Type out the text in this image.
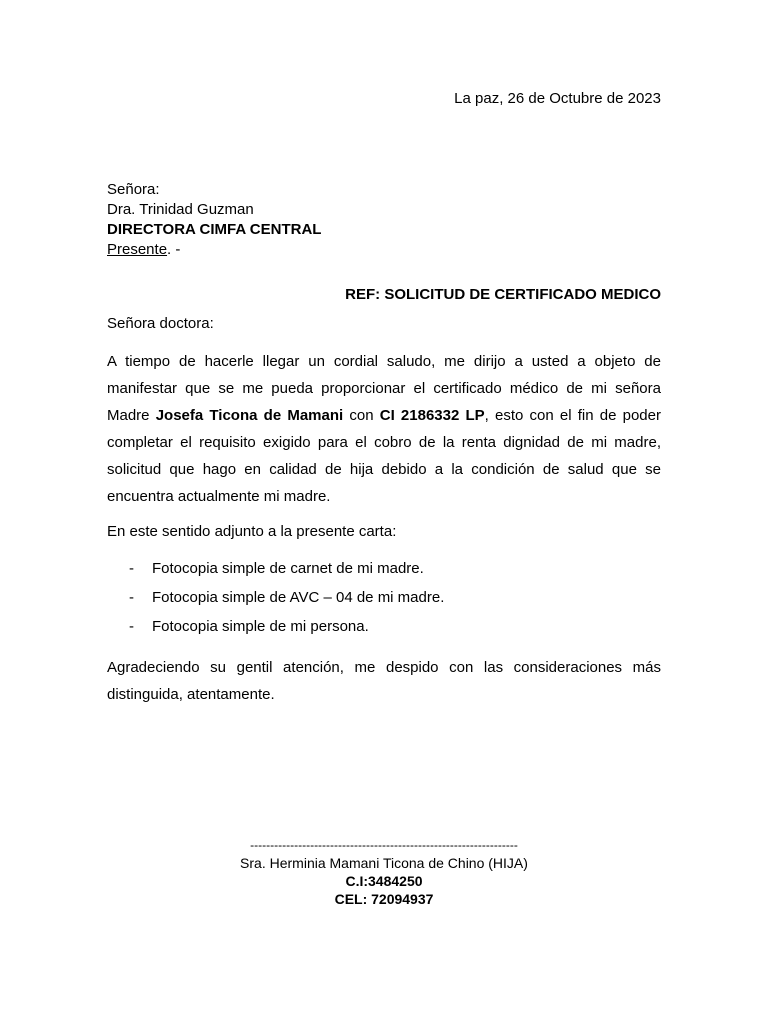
La paz, 26 de Octubre de 2023
Señora:
Dra. Trinidad Guzman
DIRECTORA CIMFA CENTRAL
Presente. -
REF: SOLICITUD DE CERTIFICADO MEDICO
Señora doctora:
A tiempo de hacerle llegar un cordial saludo, me dirijo a usted a objeto de manifestar que se me pueda proporcionar el certificado médico de mi señora Madre Josefa Ticona de Mamani con CI 2186332 LP, esto con el fin de poder completar el requisito exigido para el cobro de la renta dignidad de mi madre, solicitud que hago en calidad de hija debido a la condición de salud que se encuentra actualmente mi madre.
En este sentido adjunto a la presente carta:
-	Fotocopia simple de carnet de mi madre.
-	Fotocopia simple de AVC – 04 de mi madre.
-	Fotocopia simple de mi persona.
Agradeciendo su gentil atención, me despido con las consideraciones más distinguida, atentamente.
-------------------------------------------------------------------
Sra. Herminia Mamani Ticona de Chino (HIJA)
C.I:3484250
CEL: 72094937
